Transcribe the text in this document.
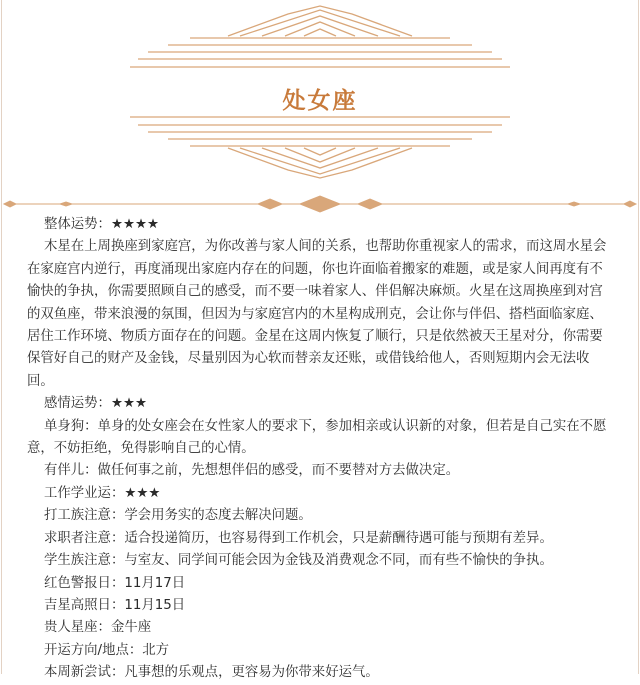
处女座

整体运势：★★★★

木星在上周换座到家庭宫，为你改善与家人间的关系，也帮助你重视家人的需求，而这周水星会在家庭宫内逆行，再度涌现出家庭内存在的问题，你也许面临着搬家的难题，或是家人间再度有不愉快的争执，你需要照顾自己的感受，而不要一味着家人、伴侣解决麻烦。火星在这周换座到对宫的双鱼座，带来浪漫的氛围，但因为与家庭宫内的木星构成刑克，会让你与伴侣、搭档面临家庭、居住工作环境、物质方面存在的问题。金星在这周内恢复了顺行，只是依然被天王星对分，你需要保管好自己的财产及金钱，尽量别因为心软而替亲友还账，或借钱给他人，否则短期内会无法收回。

感情运势：★★★

单身狗：单身的处女座会在女性家人的要求下，参加相亲或认识新的对象，但若是自己实在不愿意，不妨拒绝，免得影响自己的心情。

有伴儿：做任何事之前，先想想伴侣的感受，而不要替对方去做决定。

工作学业运：★★★

打工族注意：学会用务实的态度去解决问题。

求职者注意：适合投递简历，也容易得到工作机会，只是薪酬待遇可能与预期有差异。

学生族注意：与室友、同学间可能会因为金钱及消费观念不同，而有些不愉快的争执。

红色警报日：11月17日

吉星高照日：11月15日

贵人星座：金牛座

开运方向/地点：北方

本周新尝试：凡事想的乐观点，更容易为你带来好运气。
